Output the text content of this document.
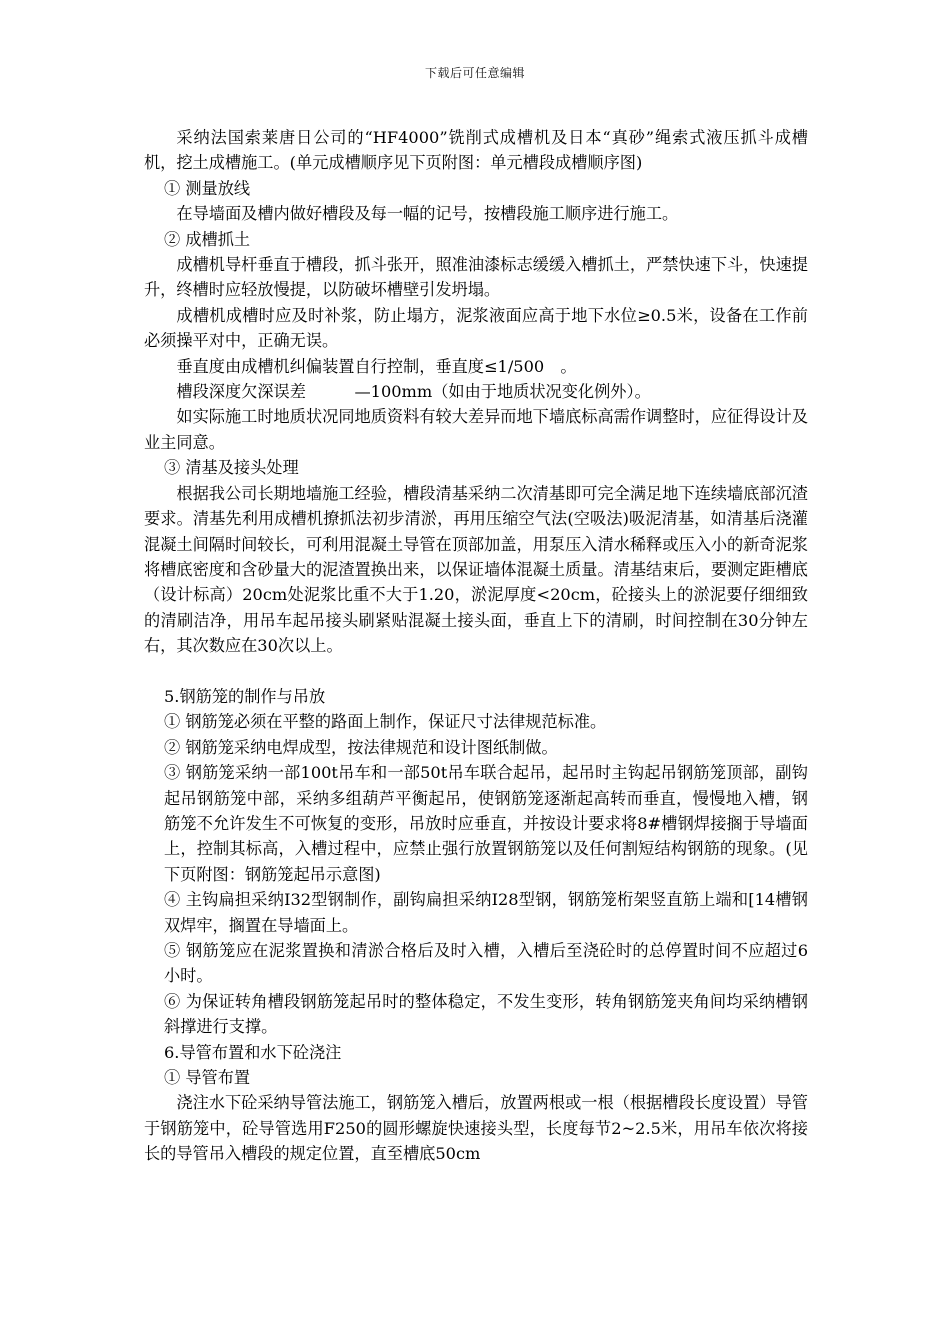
下载后可任意编辑

采纳法国索莱唐日公司的“HF4000”铣削式成槽机及日本“真砂”绳索式液压抓斗成槽机，挖土成槽施工。(单元成槽顺序见下页附图：单元槽段成槽顺序图)

① 测量放线

在导墙面及槽内做好槽段及每一幅的记号，按槽段施工顺序进行施工。

② 成槽抓土

成槽机导杆垂直于槽段，抓斗张开，照准油漆标志缓缓入槽抓土，严禁快速下斗，快速提升，终槽时应轻放慢提，以防破坏槽壁引发坍塌。

成槽机成槽时应及时补浆，防止塌方，泥浆液面应高于地下水位≥0.5米，设备在工作前必须操平对中，正确无误。

垂直度由成槽机纠偏装置自行控制，垂直度≤1/500　。

槽段深度欠深误差　　　—100mm（如由于地质状况变化例外）。

如实际施工时地质状况同地质资料有较大差异而地下墙底标高需作调整时，应征得设计及业主同意。

③ 清基及接头处理

根据我公司长期地墙施工经验，槽段清基采纳二次清基即可完全满足地下连续墙底部沉渣要求。清基先利用成槽机撩抓法初步清淤，再用压缩空气法(空吸法)吸泥清基，如清基后浇灌混凝土间隔时间较长，可利用混凝土导管在顶部加盖，用泵压入清水稀释或压入小的新奇泥浆将槽底密度和含砂量大的泥渣置换出来，以保证墙体混凝土质量。清基结束后，要测定距槽底（设计标高）20cm处泥浆比重不大于1.20，淤泥厚度<20cm，砼接头上的淤泥要仔细细致的清刷洁净，用吊车起吊接头刷紧贴混凝土接头面，垂直上下的清刷，时间控制在30分钟左右，其次数应在30次以上。

5.钢筋笼的制作与吊放

① 钢筋笼必须在平整的路面上制作，保证尺寸法律规范标准。

② 钢筋笼采纳电焊成型，按法律规范和设计图纸制做。

③ 钢筋笼采纳一部100t吊车和一部50t吊车联合起吊，起吊时主钩起吊钢筋笼顶部，副钩起吊钢筋笼中部，采纳多组葫芦平衡起吊，使钢筋笼逐渐起高转而垂直，慢慢地入槽，钢筋笼不允许发生不可恢复的变形，吊放时应垂直，并按设计要求将8#槽钢焊接搁于导墙面上，控制其标高，入槽过程中，应禁止强行放置钢筋笼以及任何割短结构钢筋的现象。(见下页附图：钢筋笼起吊示意图)

④ 主钩扁担采纳I32型钢制作，副钩扁担采纳I28型钢，钢筋笼桁架竖直筋上端和[14槽钢双焊牢，搁置在导墙面上。

⑤ 钢筋笼应在泥浆置换和清淤合格后及时入槽，入槽后至浇砼时的总停置时间不应超过6小时。

⑥ 为保证转角槽段钢筋笼起吊时的整体稳定，不发生变形，转角钢筋笼夹角间均采纳槽钢斜撑进行支撑。

6.导管布置和水下砼浇注

① 导管布置

浇注水下砼采纳导管法施工，钢筋笼入槽后，放置两根或一根（根据槽段长度设置）导管于钢筋笼中，砼导管选用F250的圆形螺旋快速接头型，长度每节2~2.5米，用吊车依次将接长的导管吊入槽段的规定位置，直至槽底50cm
